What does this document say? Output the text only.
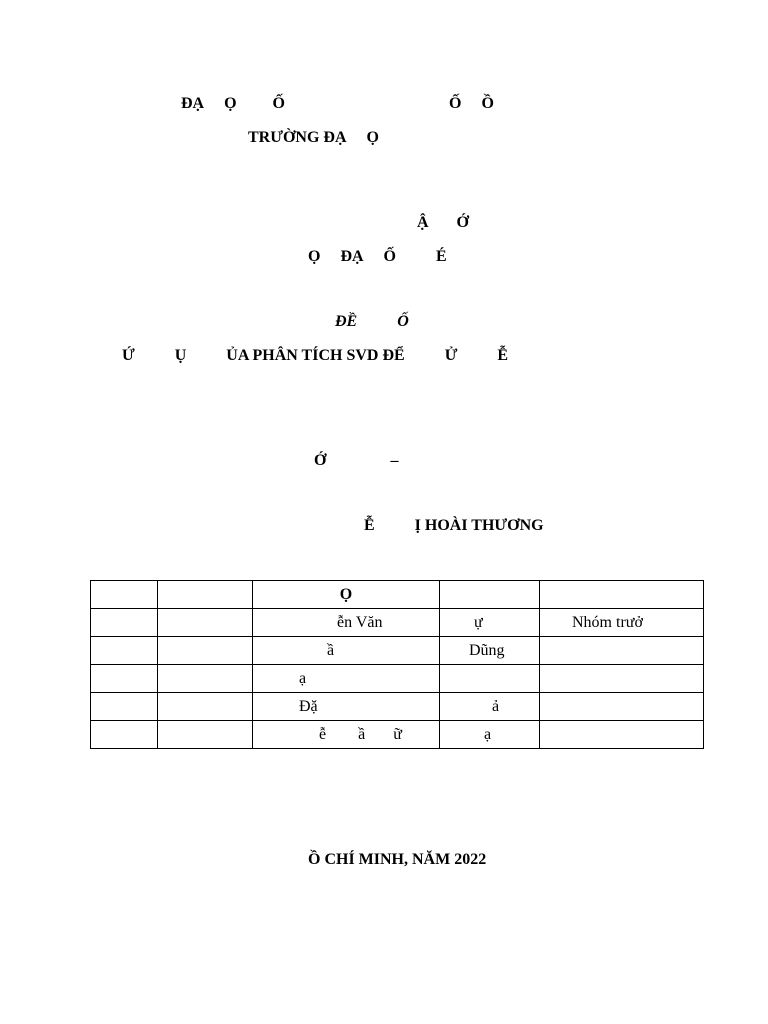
ĐẠ     Ọ         Ố	Ố     Ồ
TRƯỜNG ĐẠ     Ọ
Ậ       Ớ
Ọ     ĐẠ     Ố          É
ĐỀ          Ố
Ứ          Ụ          ỦA PHÂN TÍCH SVD ĐỂ          Ử          Ễ
Ớ                –
Ễ          Ị HOÀI THƯƠNG
		Ọ		
		ễn Văn	ự	Nhóm trưở
		ầ	Dũng	
		ạ		
		Đặ	ả	
		ễ        ầ       ữ	ạ	
Ồ CHÍ MINH, NĂM 2022
